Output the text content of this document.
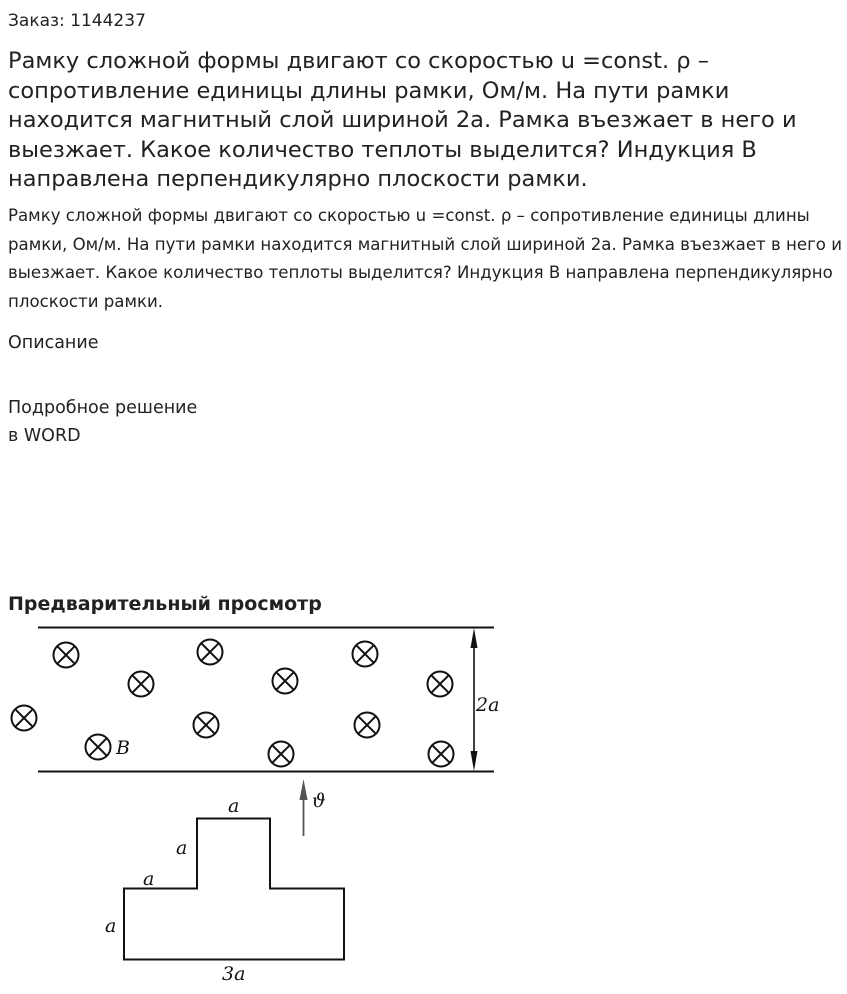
Заказ: 1144237
Рамку сложной формы двигают со скоростью u =const. ρ – сопротивление единицы длины рамки, Ом/м. На пути рамки находится магнитный слой шириной 2a. Рамка въезжает в него и выезжает. Какое количество теплоты выделится? Индукция В направлена перпендикулярно плоскости рамки.

Рамку сложной формы двигают со скоростью u =const. ρ – сопротивление единицы длины рамки, Ом/м. На пути рамки находится магнитный слой шириной 2a. Рамка въезжает в него и выезжает. Какое количество теплоты выделится? Индукция В направлена перпендикулярно плоскости рамки.

Описание
Подробное решение
в WORD
Предварительный просмотр
B
2a
ϑ
a
a
a
a
3a
